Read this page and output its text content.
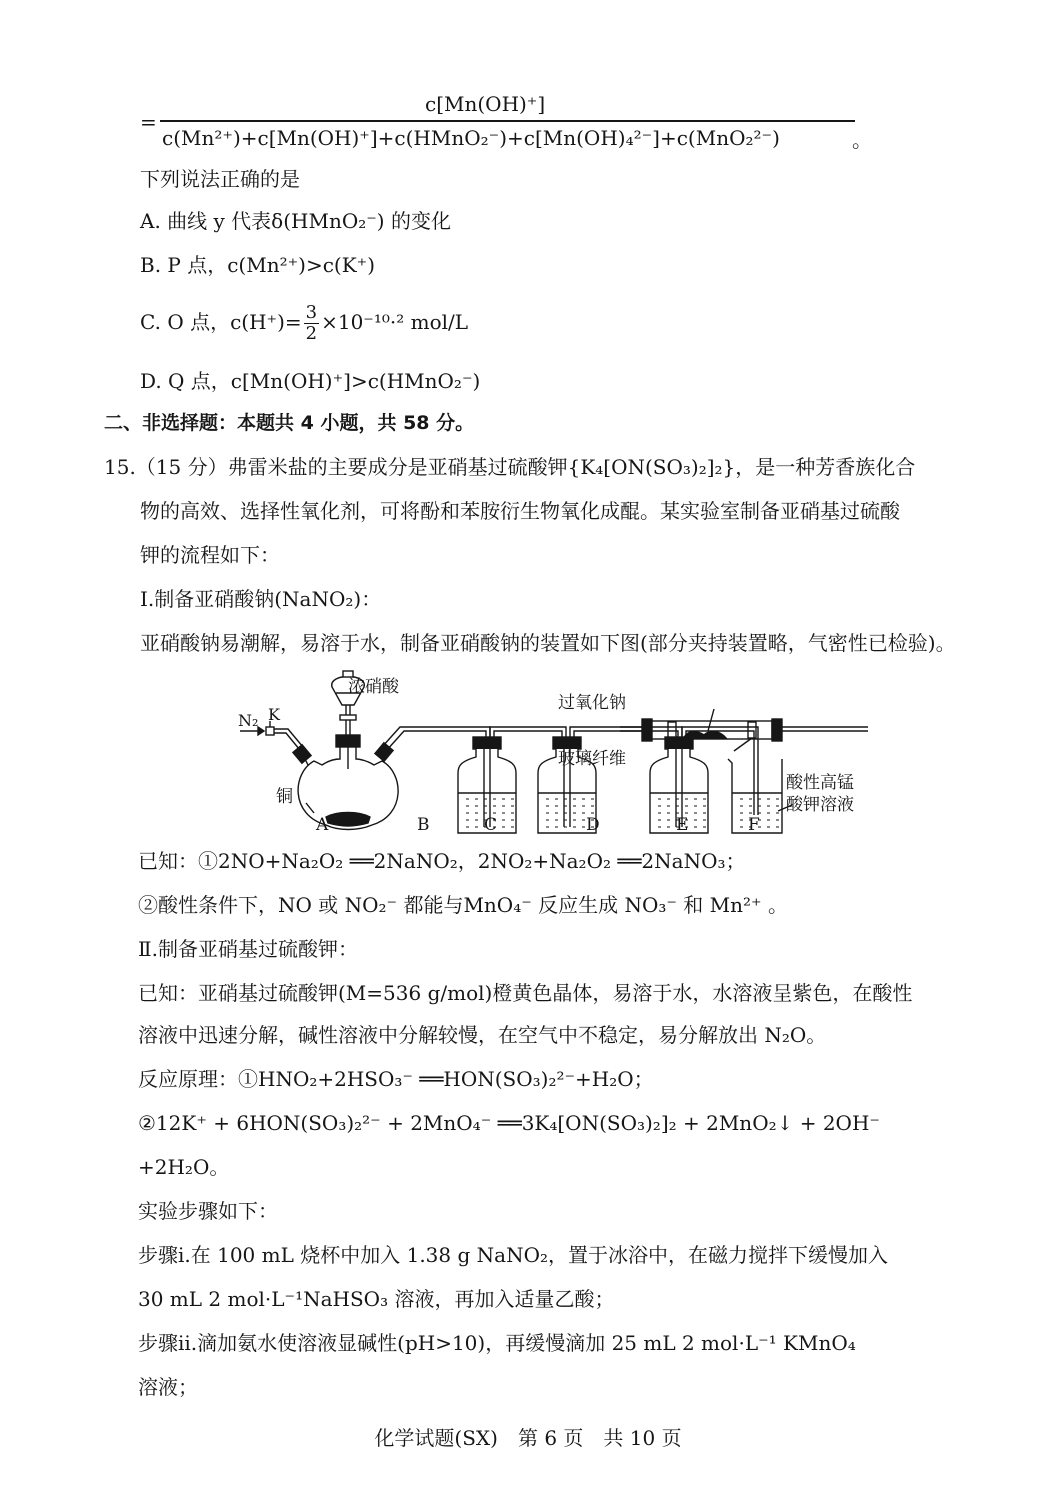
=
c[Mn(OH)⁺]
c(Mn²⁺)+c[Mn(OH)⁺]+c(HMnO₂⁻)+c[Mn(OH)₄²⁻]+c(MnO₂²⁻)	。
下列说法正确的是
A. 曲线 y 代表δ(HMnO₂⁻) 的变化
B. P 点，c(Mn²⁺)>c(K⁺)
C. O 点，$c(H^+)= \frac{3}{2} \times 10^{-10}\cdot^2$ mol/L
D. Q 点，c[Mn(OH)⁺]>c(HMnO₂⁻)
二、非选择题：本题共 4 小题，共 58 分。
15.（15 分）弗雷米盐的主要成分是亚硝基过硫酸钾{K₄[ON(SO₃)₂]₂}，是一种芳香族化合
物的高效、选择性氧化剂，可将酚和苯胺衍生物氧化成醌。某实验室制备亚硝基过硫酸
钾的流程如下：
Ⅰ.制备亚硝酸钠(NaNO₂)：
亚硝酸钠易潮解，易溶于水，制备亚硝酸钠的装置如下图(部分夹持装置略，气密性已检验)。
浓硝酸
N₂ K
铜
过氧化钠
玻璃纤维
酸性高锰
酸钾溶液
A	B	C	D	E	F
已知：①2NO+Na₂O₂ ══2NaNO₂，2NO₂+Na₂O₂ ══2NaNO₃；
②酸性条件下，NO 或 NO₂⁻ 都能与MnO₄⁻ 反应生成 NO₃⁻ 和 Mn²⁺ 。
Ⅱ.制备亚硝基过硫酸钾：
已知：亚硝基过硫酸钾(M=536 g/mol)橙黄色晶体，易溶于水，水溶液呈紫色，在酸性
溶液中迅速分解，碱性溶液中分解较慢，在空气中不稳定，易分解放出 N₂O。
反应原理：①HNO₂+2HSO₃⁻ ══HON(SO₃)₂²⁻+H₂O；
②12K⁺ + 6HON(SO₃)₂²⁻ + 2MnO₄⁻ ══3K₄[ON(SO₃)₂]₂ + 2MnO₂↓ + 2OH⁻
+2H₂O。
实验步骤如下：
步骤ⅰ.在 100 mL 烧杯中加入 1.38 g NaNO₂，置于冰浴中，在磁力搅拌下缓慢加入
30 mL 2 mol·L⁻¹NaHSO₃ 溶液，再加入适量乙酸；
步骤ⅱ.滴加氨水使溶液显碱性(pH>10)，再缓慢滴加 25 mL 2 mol·L⁻¹ KMnO₄
溶液；
化学试题(SX)　第 6 页　共 10 页
